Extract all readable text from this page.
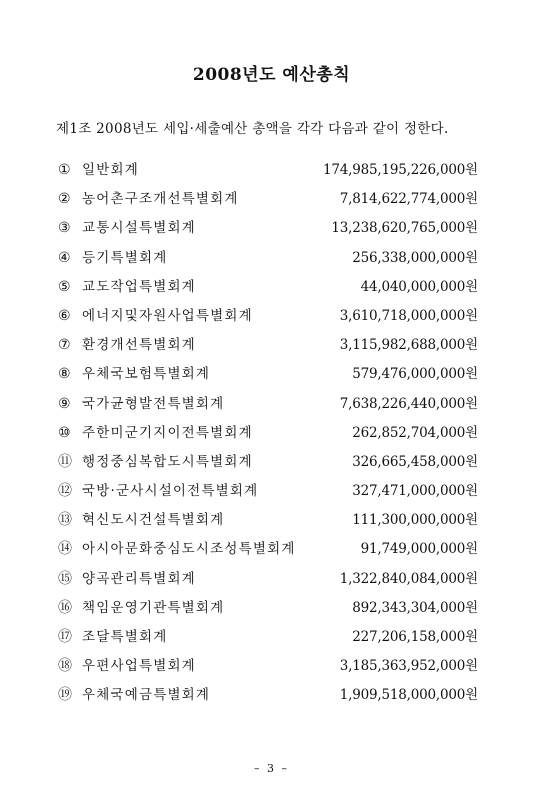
2008년도 예산총칙
제1조 2008년도 세입·세출예산 총액을 각각 다음과 같이 정한다.
① 일반회계	174,985,195,226,000원
② 농어촌구조개선특별회계	7,814,622,774,000원
③ 교통시설특별회계	13,238,620,765,000원
④ 등기특별회계	256,338,000,000원
⑤ 교도작업특별회계	44,040,000,000원
⑥ 에너지및자원사업특별회계	3,610,718,000,000원
⑦ 환경개선특별회계	3,115,982,688,000원
⑧ 우체국보험특별회계	579,476,000,000원
⑨ 국가균형발전특별회계	7,638,226,440,000원
⑩ 주한미군기지이전특별회계	262,852,704,000원
⑪ 행정중심복합도시특별회계	326,665,458,000원
⑫ 국방·군사시설이전특별회계	327,471,000,000원
⑬ 혁신도시건설특별회계	111,300,000,000원
⑭ 아시아문화중심도시조성특별회계	91,749,000,000원
⑮ 양곡관리특별회계	1,322,840,084,000원
⑯ 책임운영기관특별회계	892,343,304,000원
⑰ 조달특별회계	227,206,158,000원
⑱ 우편사업특별회계	3,185,363,952,000원
⑲ 우체국예금특별회계	1,909,518,000,000원
– 3 –
